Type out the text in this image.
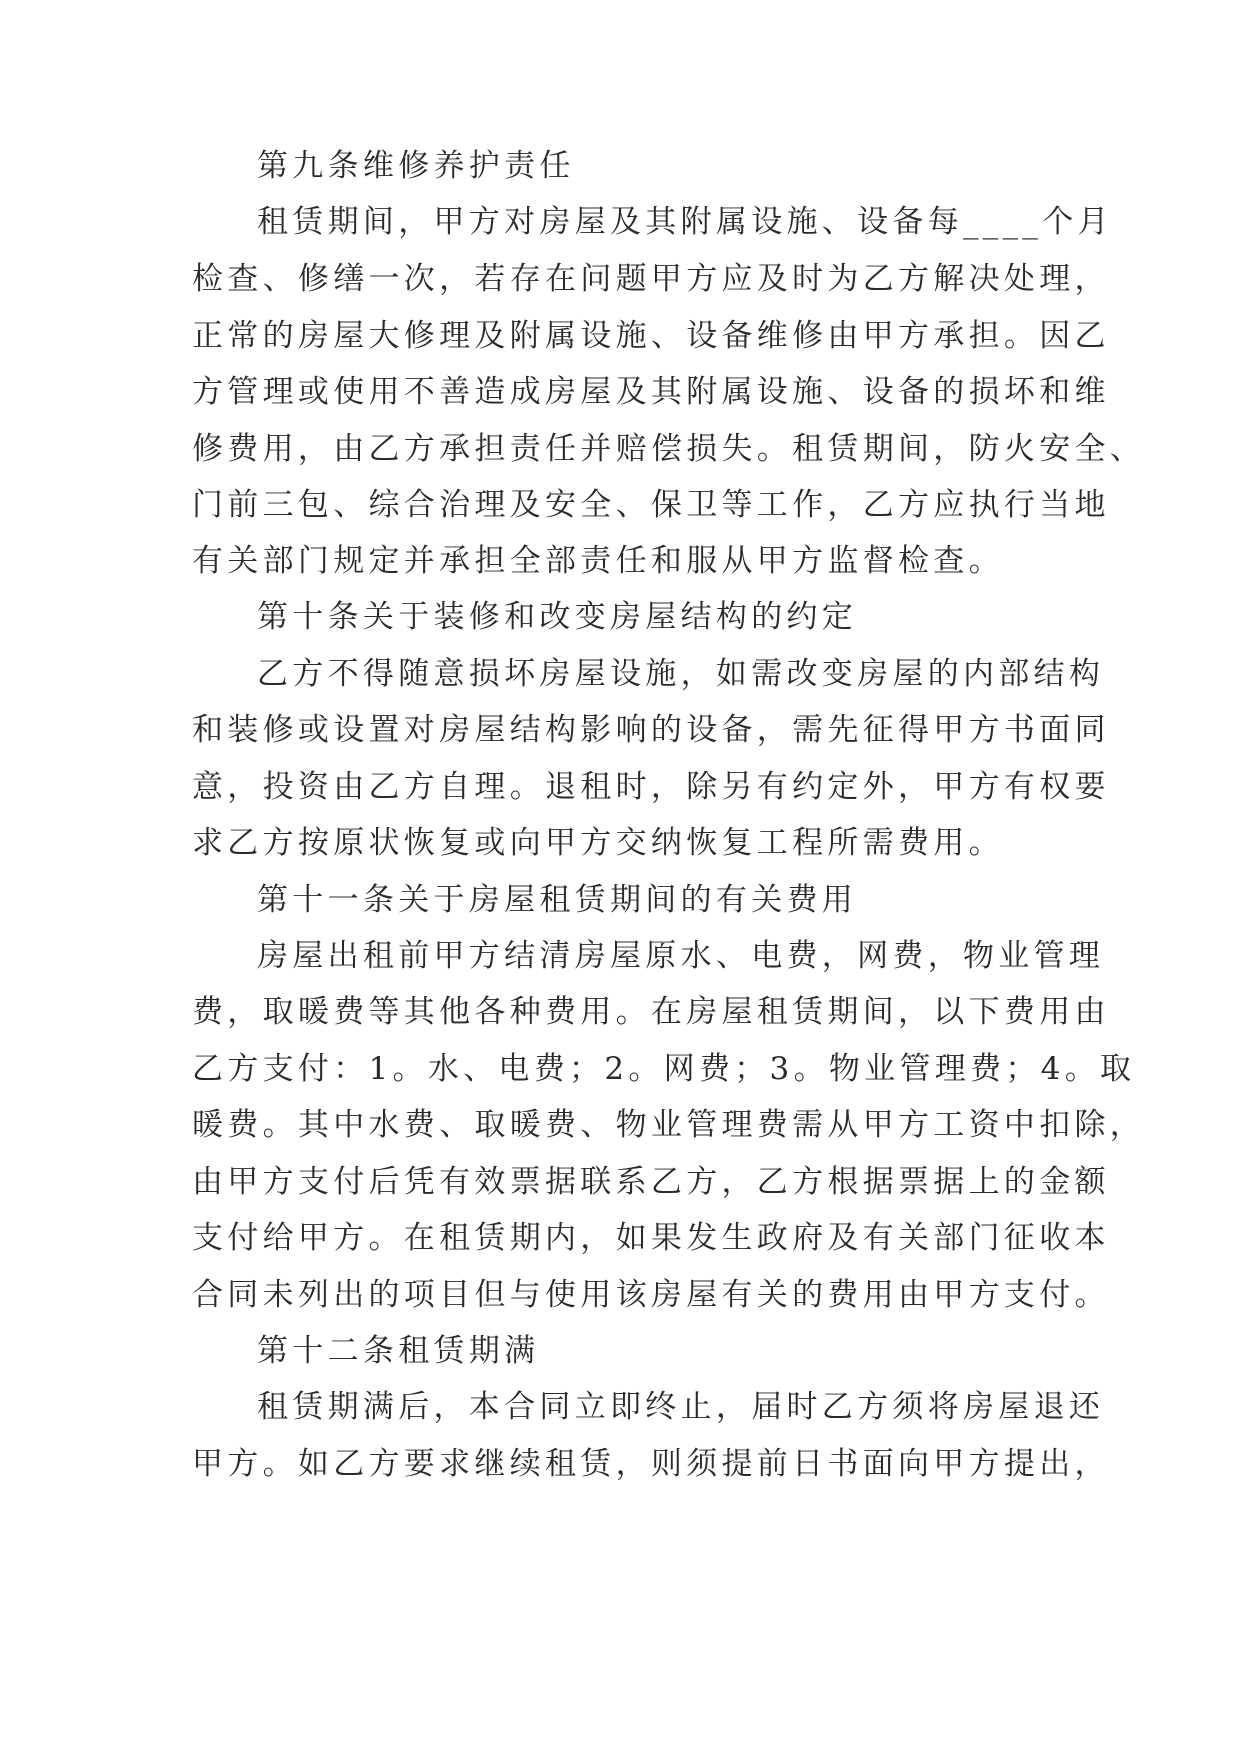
第九条维修养护责任
租赁期间，甲方对房屋及其附属设施、设备每____个月
检查、修缮一次，若存在问题甲方应及时为乙方解决处理，
正常的房屋大修理及附属设施、设备维修由甲方承担。因乙
方管理或使用不善造成房屋及其附属设施、设备的损坏和维
修费用，由乙方承担责任并赔偿损失。租赁期间，防火安全、
门前三包、综合治理及安全、保卫等工作，乙方应执行当地
有关部门规定并承担全部责任和服从甲方监督检查。
第十条关于装修和改变房屋结构的约定
乙方不得随意损坏房屋设施，如需改变房屋的内部结构
和装修或设置对房屋结构影响的设备，需先征得甲方书面同
意，投资由乙方自理。退租时，除另有约定外，甲方有权要
求乙方按原状恢复或向甲方交纳恢复工程所需费用。
第十一条关于房屋租赁期间的有关费用
房屋出租前甲方结清房屋原水、电费，网费，物业管理
费，取暖费等其他各种费用。在房屋租赁期间，以下费用由
乙方支付：1。水、电费；2。网费；3。物业管理费；4。取
暖费。其中水费、取暖费、物业管理费需从甲方工资中扣除，
由甲方支付后凭有效票据联系乙方，乙方根据票据上的金额
支付给甲方。在租赁期内，如果发生政府及有关部门征收本
合同未列出的项目但与使用该房屋有关的费用由甲方支付。
第十二条租赁期满
租赁期满后，本合同立即终止，届时乙方须将房屋退还
甲方。如乙方要求继续租赁，则须提前日书面向甲方提出，
